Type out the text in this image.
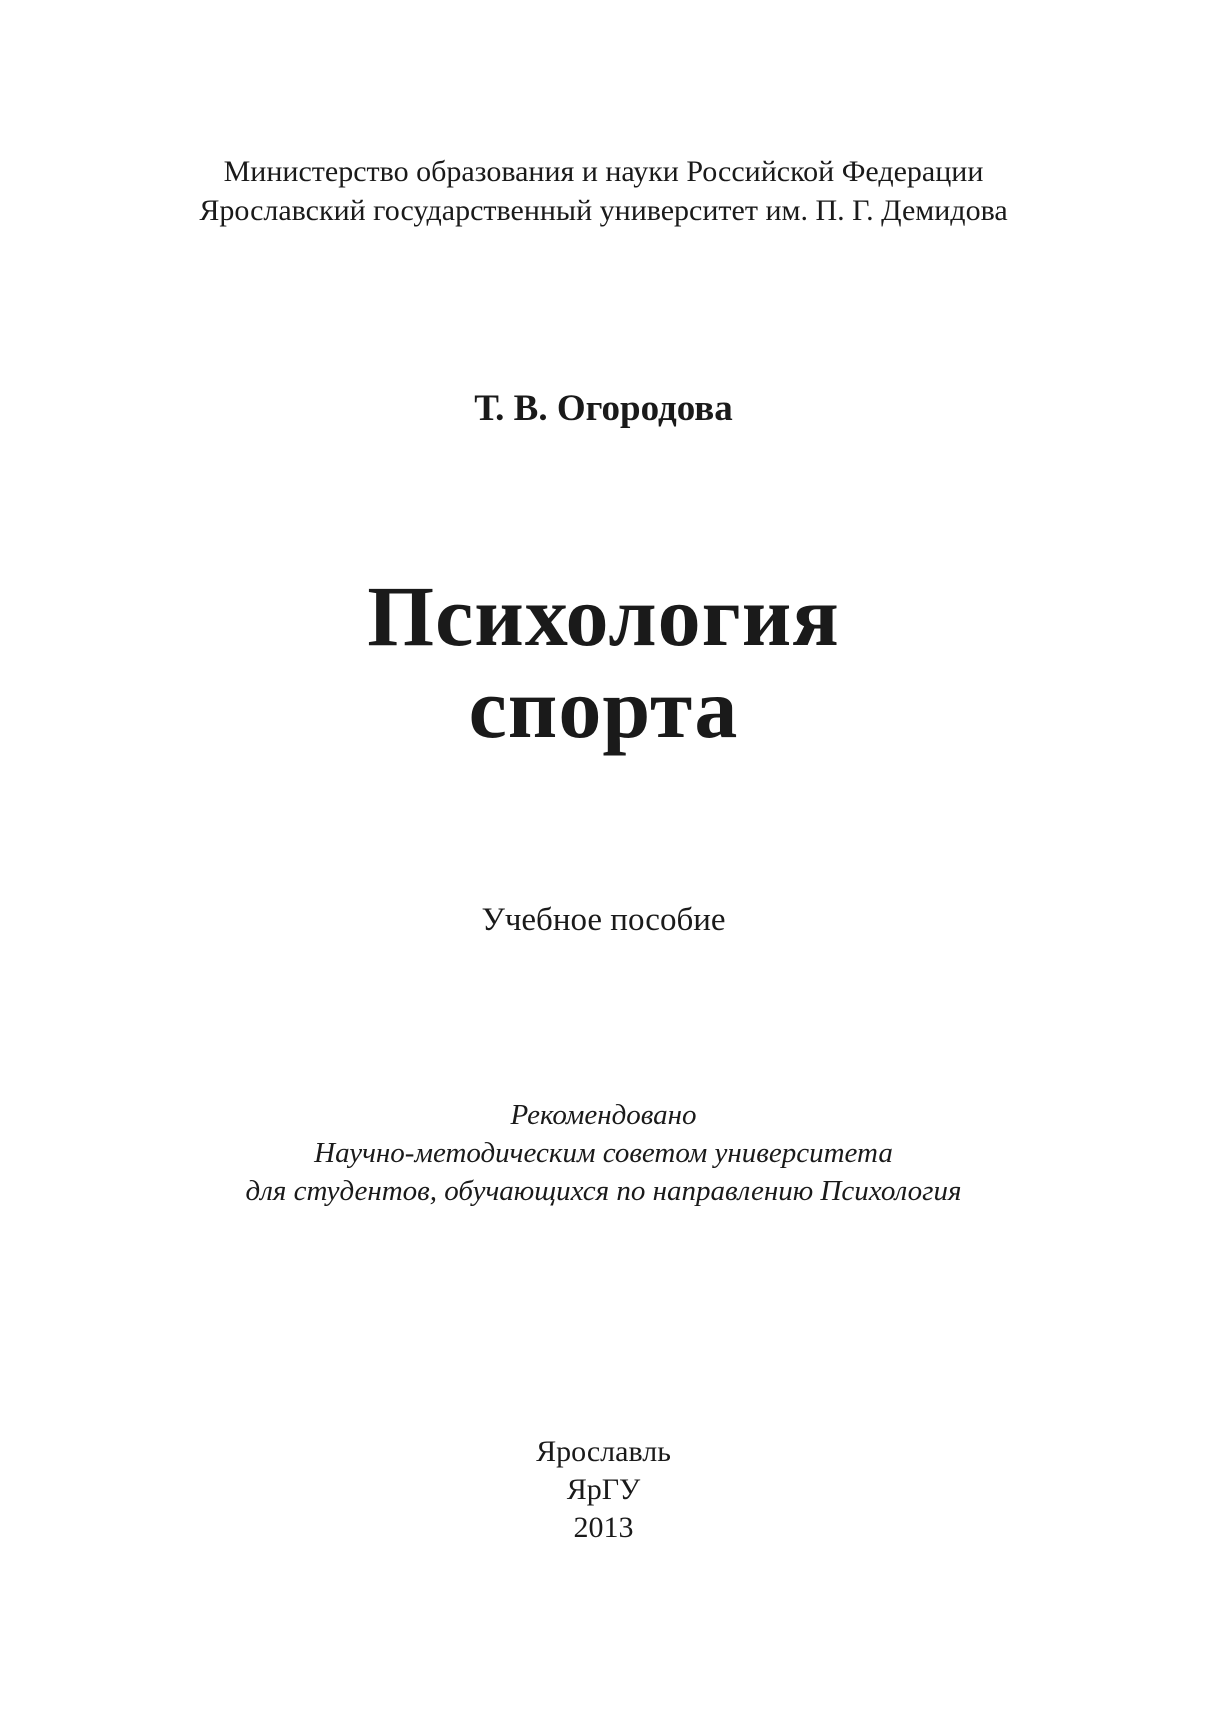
Министерство образования и науки Российской Федерации
Ярославский государственный университет им. П. Г. Демидова
Т. В. Огородова
Психология
спорта
Учебное пособие
Рекомендовано
Научно-методическим советом университета
для студентов, обучающихся по направлению Психология
Ярославль
ЯрГУ
2013
